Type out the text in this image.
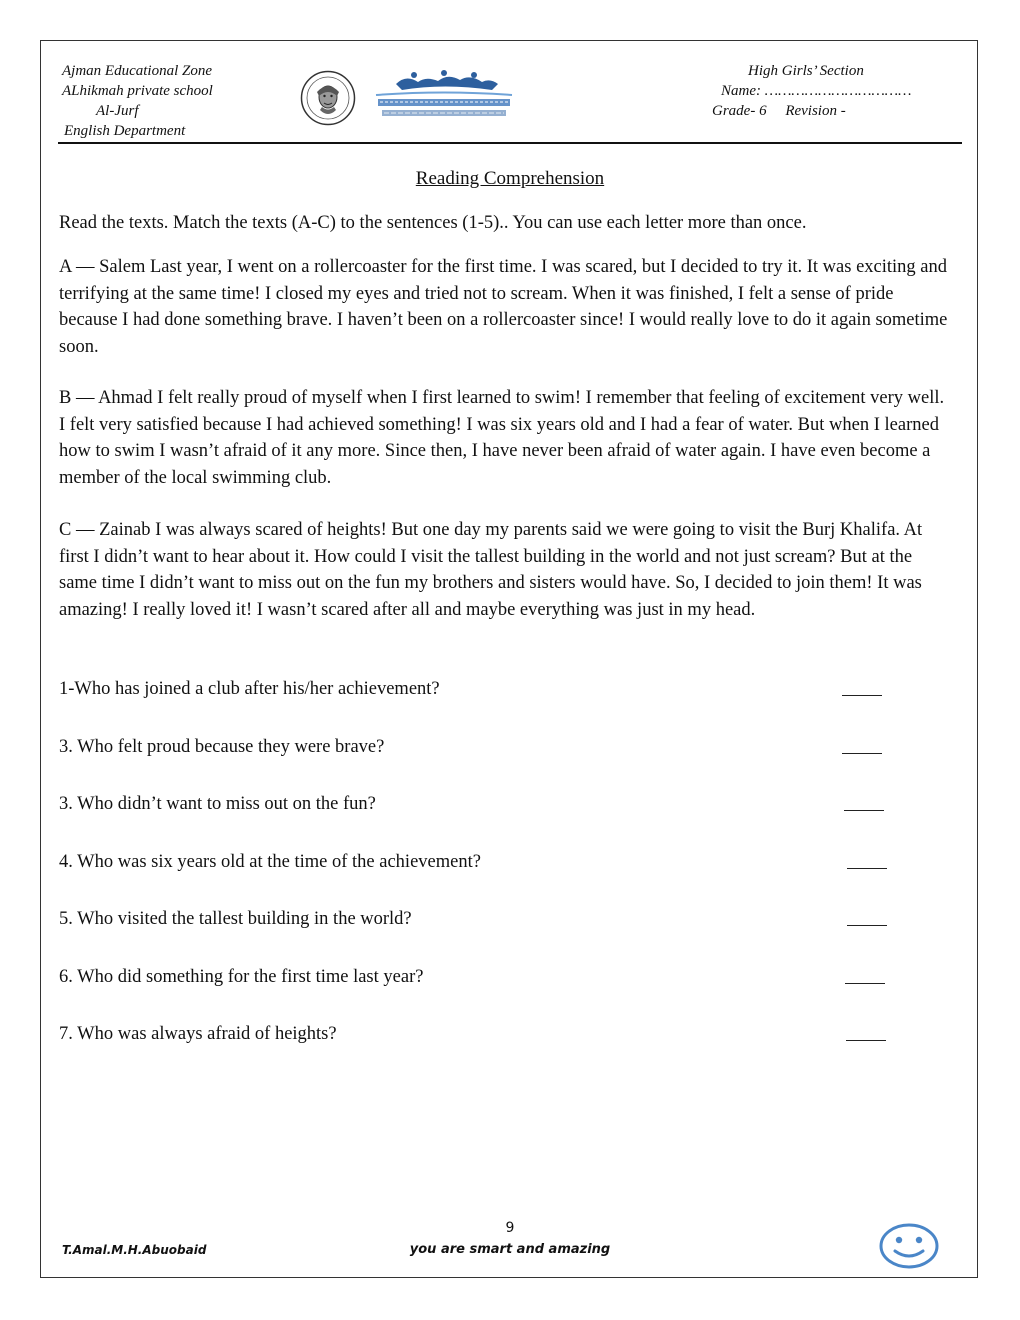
Ajman Educational Zone
ALhikmah private school
Al-Jurf
English Department
High Girls’ Section
Name: ……………………………
Grade- 6     Revision -
Reading Comprehension
Read the texts. Match the texts (A-C) to the sentences (1-5).. You can use each letter more than once.
A — Salem Last year, I went on a rollercoaster for the first time. I was scared, but I decided to try it. It was exciting and terrifying at the same time! I closed my eyes and tried not to scream. When it was finished, I felt a sense of pride because I had done something brave. I haven’t been on a rollercoaster since! I would really love to do it again sometime soon.
B — Ahmad I felt really proud of myself when I first learned to swim! I remember that feeling of excitement very well. I felt very satisfied because I had achieved something! I was six years old and I had a fear of water. But when I learned how to swim I wasn’t afraid of it any more. Since then, I have never been afraid of water again. I have even become a member of the local swimming club.
C — Zainab I was always scared of heights! But one day my parents said we were going to visit the Burj Khalifa. At first I didn’t want to hear about it. How could I visit the tallest building in the world and not just scream? But at the same time I didn’t want to miss out on the fun my brothers and sisters would have. So, I decided to join them! It was amazing! I really loved it! I wasn’t scared after all and maybe everything was just in my head.
1-Who has joined a club after his/her achievement?
3. Who felt proud because they were brave?
3. Who didn’t want to miss out on the fun?
4. Who was six years old at the time of the achievement?
5. Who visited the tallest building in the world?
6. Who did something for the first time last year?
7. Who was always afraid of heights?
9
T.Amal.M.H.Abuobaid	you are smart and amazing
